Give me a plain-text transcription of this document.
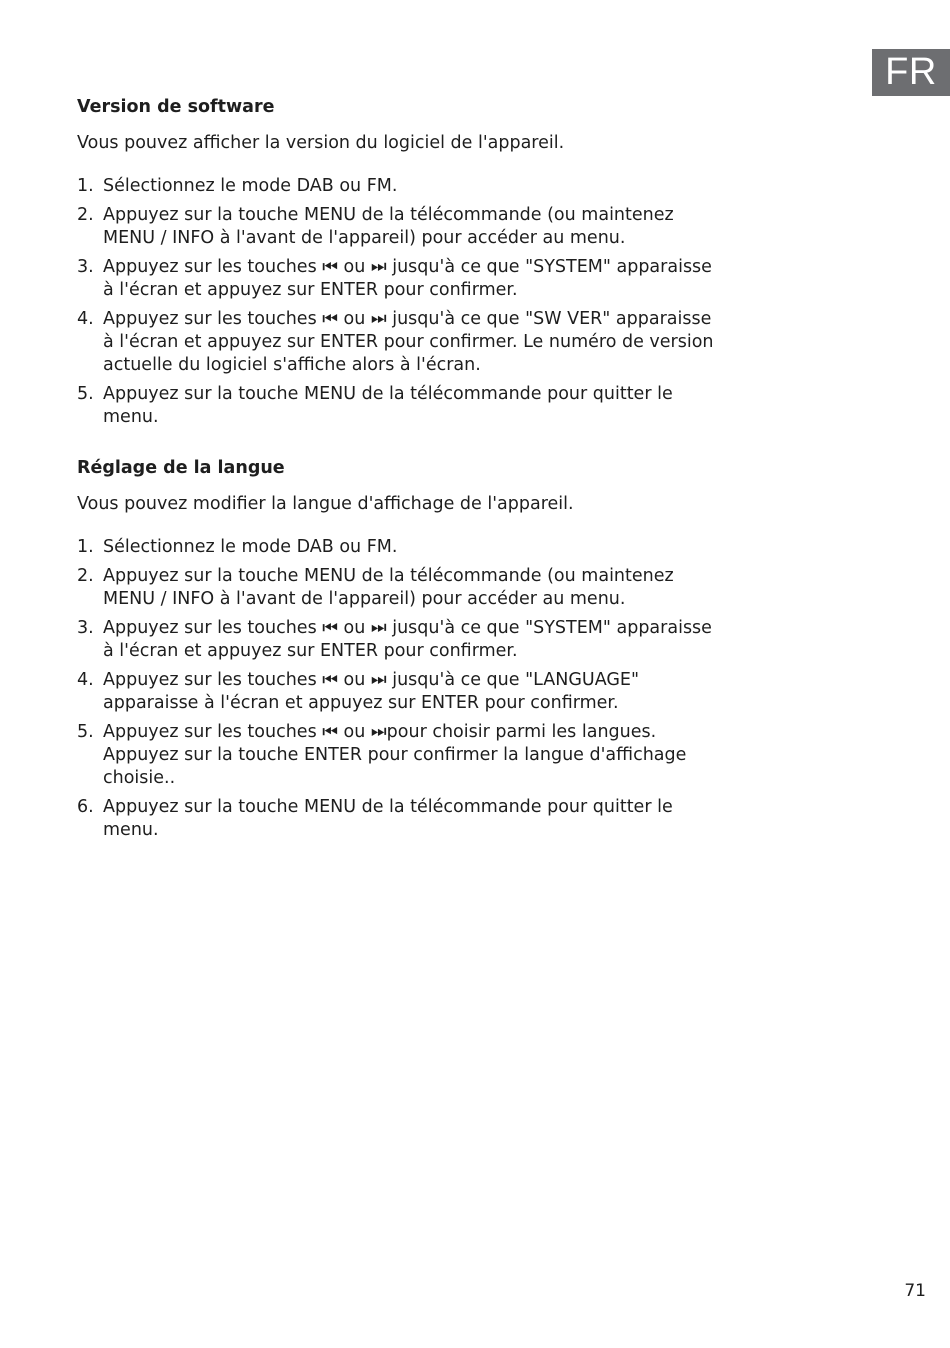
FR
Version de software

Vous pouvez afficher la version du logiciel de l'appareil.

1. Sélectionnez le mode DAB ou FM.
2. Appuyez sur la touche MENU de la télécommande (ou maintenez MENU / INFO à l'avant de l'appareil) pour accéder au menu.
3. Appuyez sur les touches ⏮ ou ⏭ jusqu'à ce que "SYSTEM" apparaisse à l'écran et appuyez sur ENTER pour confirmer.
4. Appuyez sur les touches ⏮ ou ⏭ jusqu'à ce que "SW VER" apparaisse à l'écran et appuyez sur ENTER pour confirmer. Le numéro de version actuelle du logiciel s'affiche alors à l'écran.
5. Appuyez sur la touche MENU de la télécommande pour quitter le menu.
Réglage de la langue

Vous pouvez modifier la langue d'affichage de l'appareil.

1. Sélectionnez le mode DAB ou FM.
2. Appuyez sur la touche MENU de la télécommande (ou maintenez MENU / INFO à l'avant de l'appareil) pour accéder au menu.
3. Appuyez sur les touches ⏮ ou ⏭ jusqu'à ce que "SYSTEM" apparaisse à l'écran et appuyez sur ENTER pour confirmer.
4. Appuyez sur les touches ⏮ ou ⏭ jusqu'à ce que "LANGUAGE" apparaisse à l'écran et appuyez sur ENTER pour confirmer.
5. Appuyez sur les touches ⏮ ou ⏭pour choisir parmi les langues. Appuyez sur la touche ENTER pour confirmer la langue d'affichage choisie..
6. Appuyez sur la touche MENU de la télécommande pour quitter le menu.
71
